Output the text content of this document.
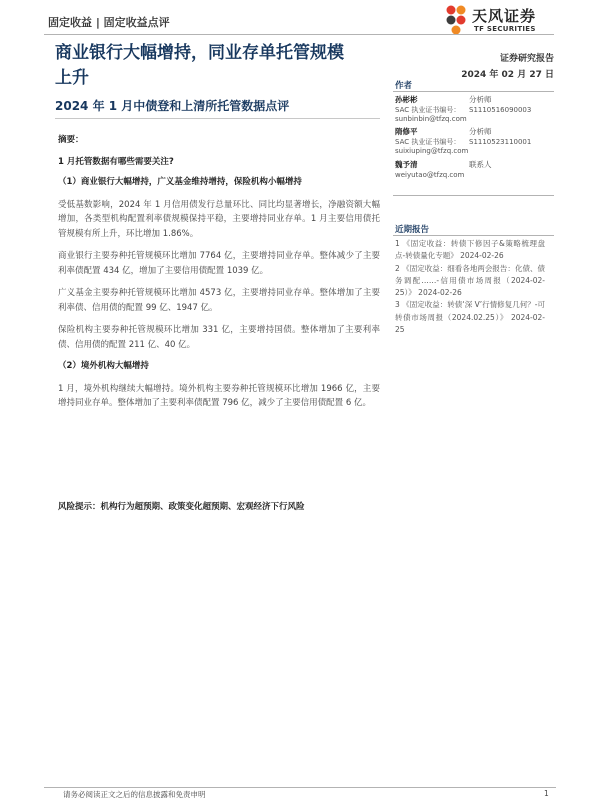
固定收益 | 固定收益点评	天风证券
TF SECURITIES
商业银行大幅增持，同业存单托管规模
上升
证券研究报告
2024 年 02 月 27 日
2024 年 1 月中债登和上清所托管数据点评

摘要：

1 月托管数据有哪些需要关注?

（1）商业银行大幅增持，广义基金维持增持，保险机构小幅增持

受低基数影响，2024 年 1 月信用债发行总量环比、同比均显著增长，净融资额大幅增加，各类型机构配置利率债规模保持平稳，主要增持同业存单。1 月主要信用债托管规模有所上升，环比增加 1.86%。

商业银行主要券种托管规模环比增加 7764 亿，主要增持同业存单。整体减少了主要利率债配置 434 亿，增加了主要信用债配置 1039 亿。

广义基金主要券种托管规模环比增加 4573 亿，主要增持同业存单。整体增加了主要利率债、信用债的配置 99 亿、1947 亿。

保险机构主要券种托管规模环比增加 331 亿，主要增持国债。整体增加了主要利率债、信用债的配置 211 亿、40 亿。

（2）境外机构大幅增持

1 月，境外机构继续大幅增持。境外机构主要券种托管规模环比增加 1966 亿，主要增持同业存单。整体增加了主要利率债配置 796 亿，减少了主要信用债配置 6 亿。

风险提示：机构行为超预期、政策变化超预期、宏观经济下行风险
作者
孙彬彬	分析师
SAC 执业证书编号： S1110516090003
sunbinbin@tfzq.com
隋修平	分析师
SAC 执业证书编号： S1110523110001
suixiuping@tfzq.com
魏予清	联系人
weiyutao@tfzq.com
近期报告

1 《固定收益：转债下修因子&策略梳理盘点-转债量化专题》 2024-02-26

2 《固定收益：细看各地两会报告：化债、债务调配……-信用债市场周报（2024-02-25）》 2024-02-26

3 《固定收益：转债‘深 V’行情修复几何？-可转债市场周报（2024.02.25）》 2024-02-25

请务必阅读正文之后的信息披露和免责申明	1
